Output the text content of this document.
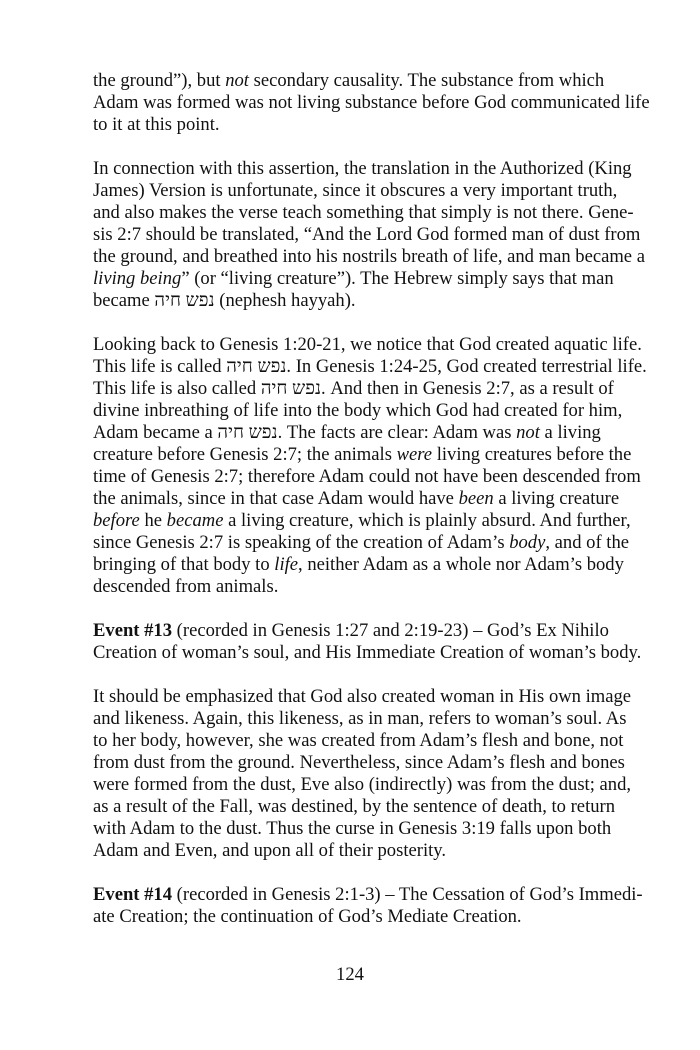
the ground”), but not secondary causality. The substance from which
Adam was formed was not living substance before God communicated life
to it at this point.
In connection with this assertion, the translation in the Authorized (King
James) Version is unfortunate, since it obscures a very important truth,
and also makes the verse teach something that simply is not there. Gene-
sis 2:7 should be translated, “And the Lord God formed man of dust from
the ground, and breathed into his nostrils breath of life, and man became a
living being” (or “living creature”). The Hebrew simply says that man
became נפש חיה (nephesh hayyah).
Looking back to Genesis 1:20-21, we notice that God created aquatic life.
This life is called נפש חיה. In Genesis 1:24-25, God created terrestrial life.
This life is also called נפש חיה. And then in Genesis 2:7, as a result of
divine inbreathing of life into the body which God had created for him,
Adam became a נפש חיה. The facts are clear: Adam was not a living
creature before Genesis 2:7; the animals were living creatures before the
time of Genesis 2:7; therefore Adam could not have been descended from
the animals, since in that case Adam would have been a living creature
before he became a living creature, which is plainly absurd. And further,
since Genesis 2:7 is speaking of the creation of Adam’s body, and of the
bringing of that body to life, neither Adam as a whole nor Adam’s body
descended from animals.
Event #13 (recorded in Genesis 1:27 and 2:19-23) – God’s Ex Nihilo
Creation of woman’s soul, and His Immediate Creation of woman’s body.
It should be emphasized that God also created woman in His own image
and likeness. Again, this likeness, as in man, refers to woman’s soul. As
to her body, however, she was created from Adam’s flesh and bone, not
from dust from the ground. Nevertheless, since Adam’s flesh and bones
were formed from the dust, Eve also (indirectly) was from the dust; and,
as a result of the Fall, was destined, by the sentence of death, to return
with Adam to the dust. Thus the curse in Genesis 3:19 falls upon both
Adam and Even, and upon all of their posterity.
Event #14 (recorded in Genesis 2:1-3) – The Cessation of God’s Immedi-
ate Creation; the continuation of God’s Mediate Creation.
124
